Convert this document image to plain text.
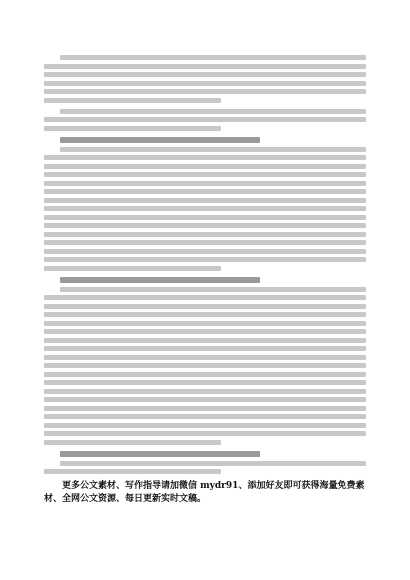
更多公文素材、写作指导请加微信 mydr91、添加好友即可获得海量免费素材、全网公文资源、每日更新实时文稿。
